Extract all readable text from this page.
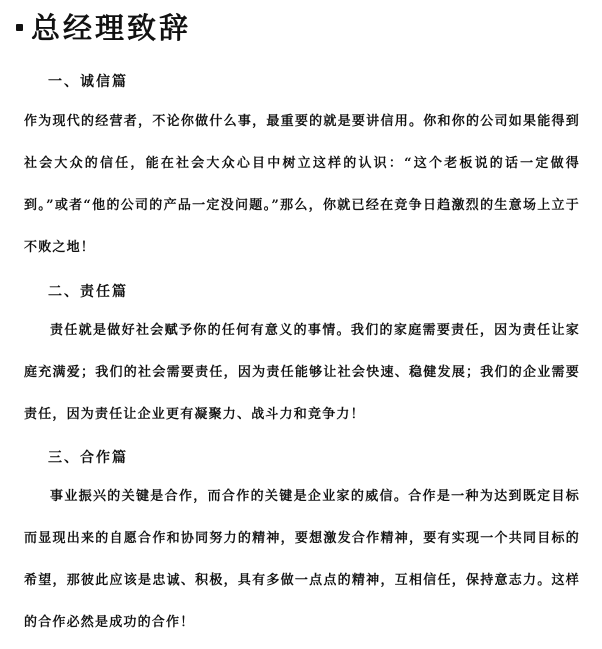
总经理致辞
一、诚信篇
作为现代的经营者，不论你做什么事，最重要的就是要讲信用。你和你的公司如果能得到社会大众的信任，能在社会大众心目中树立这样的认识：“这个老板说的话一定做得到。”或者“他的公司的产品一定没问题。”那么，你就已经在竞争日趋激烈的生意场上立于不败之地！
二、责任篇
责任就是做好社会赋予你的任何有意义的事情。我们的家庭需要责任，因为责任让家庭充满爱；我们的社会需要责任，因为责任能够让社会快速、稳健发展；我们的企业需要责任，因为责任让企业更有凝聚力、战斗力和竞争力！
三、合作篇
事业振兴的关键是合作，而合作的关键是企业家的威信。合作是一种为达到既定目标而显现出来的自愿合作和协同努力的精神，要想激发合作精神，要有实现一个共同目标的希望，那彼此应该是忠诚、积极，具有多做一点点的精神，互相信任，保持意志力。这样的合作必然是成功的合作！
